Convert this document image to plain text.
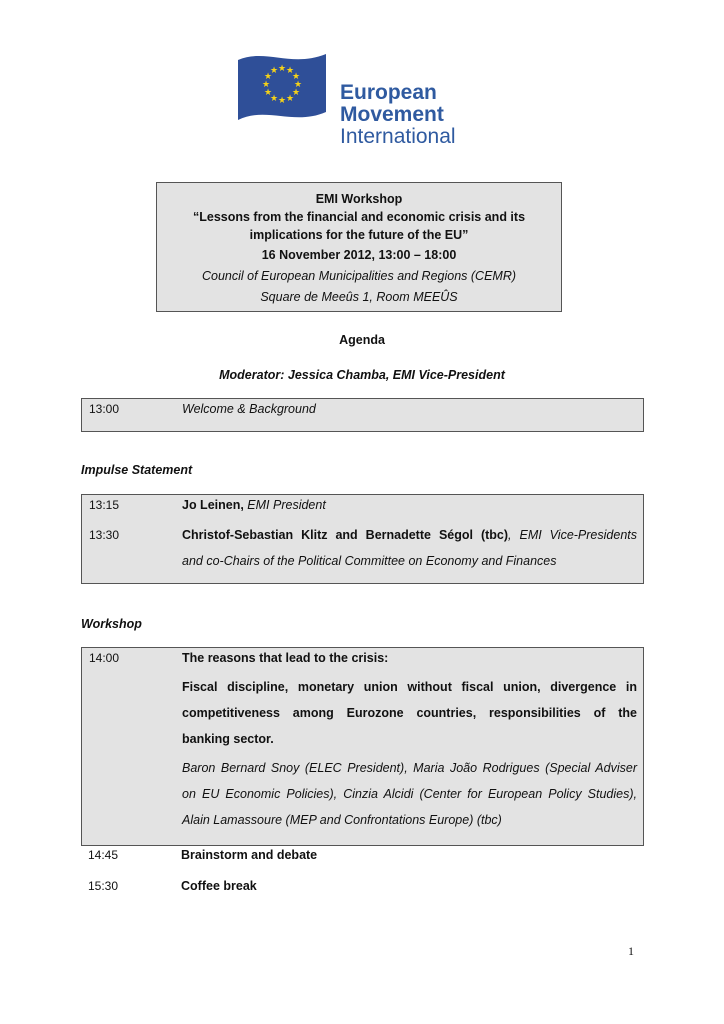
★ ★
★
★
★
★
★
★
★
★
★
★
European
Movement
International
EMI Workshop
“Lessons from the financial and economic crisis and its
implications for the future of the EU”
16 November 2012, 13:00 – 18:00
Council of European Municipalities and Regions (CEMR)
Square de Meeûs 1, Room MEEÛS
Agenda
Moderator: Jessica Chamba, EMI Vice-President
13:00	Welcome & Background
Impulse Statement
13:15	Jo Leinen, EMI President
13:30	Christof-Sebastian Klitz and Bernadette Ségol (tbc), EMI Vice-Presidents
and co-Chairs of the Political Committee on Economy and Finances
Workshop
14:00	The reasons that lead to the crisis:
Fiscal discipline, monetary union without fiscal union, divergence in
competitiveness among Eurozone countries, responsibilities of the
banking sector.
Baron Bernard Snoy (ELEC President), Maria João Rodrigues (Special Adviser
on EU Economic Policies), Cinzia Alcidi (Center for European Policy Studies),
Alain Lamassoure (MEP and Confrontations Europe) (tbc)
14:45	Brainstorm and debate
15:30	Coffee break
1
